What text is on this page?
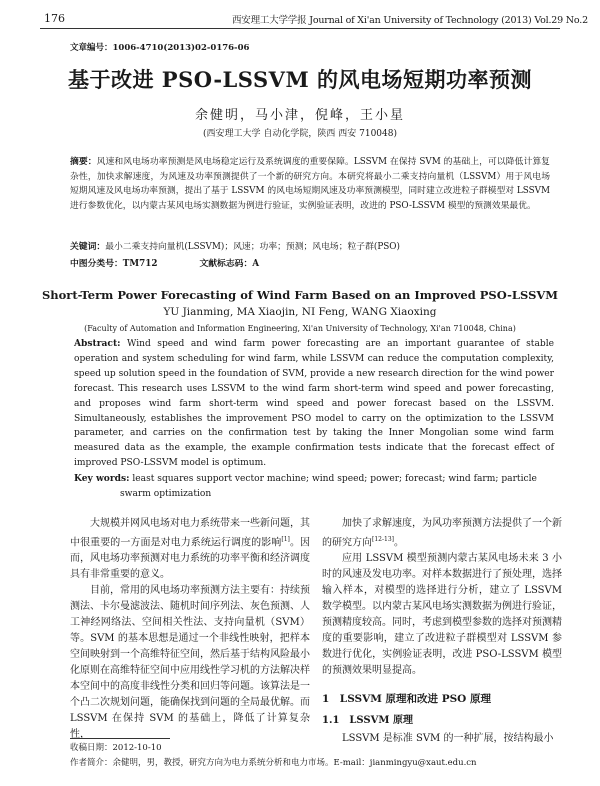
176	西安理工大学学报 Journal of Xi'an University of Technology (2013) Vol.29 No.2
文章编号：1006-4710(2013)02-0176-06
基于改进 PSO-LSSVM 的风电场短期功率预测
余健明，马小津，倪峰，王小星
(西安理工大学 自动化学院，陕西 西安 710048)
摘要：风速和风电场功率预测是风电场稳定运行及系统调度的重要保障。LSSVM 在保持 SVM 的基础上，可以降低计算复杂性，加快求解速度，为风速及功率预测提供了一个新的研究方向。本研究将最小二乘支持向量机（LSSVM）用于风电场短期风速及风电场功率预测，提出了基于 LSSVM 的风电场短期风速及功率预测模型，同时建立改进粒子群模型对 LSSVM 进行参数优化，以内蒙古某风电场实测数据为例进行验证，实例验证表明，改进的 PSO-LSSVM 模型的预测效果最优。
关键词：最小二乘支持向量机(LSSVM)；风速；功率；预测；风电场；粒子群(PSO)
中图分类号：TM712	文献标志码：A
Short-Term Power Forecasting of Wind Farm Based on an Improved PSO-LSSVM
YU Jianming, MA Xiaojin, NI Feng, WANG Xiaoxing
(Faculty of Automation and Information Engineering, Xi'an University of Technology, Xi'an 710048, China)
Abstract: Wind speed and wind farm power forecasting are an important guarantee of stable operation and system scheduling for wind farm, while LSSVM can reduce the computation complexity, speed up solution speed in the foundation of SVM, provide a new research direction for the wind power forecast. This research uses LSSVM to the wind farm short-term wind speed and power forecasting, and proposes wind farm short-term wind speed and power forecast based on the LSSVM. Simultaneously, establishes the improvement PSO model to carry on the optimization to the LSSVM parameter, and carries on the confirmation test by taking the Inner Mongolian some wind farm measured data as the example, the example confirmation tests indicate that the forecast effect of improved PSO-LSSVM model is optimum.
Key words: least squares support vector machine; wind speed; power; forecast; wind farm; particle
swarm optimization

大规模并网风电场对电力系统带来一些新问题，其中很重要的一方面是对电力系统运行调度的影响[1]。因而，风电场功率预测对电力系统的功率平衡和经济调度具有非常重要的意义。

目前，常用的风电场功率预测方法主要有：持续预测法、卡尔曼滤波法、随机时间序列法、灰色预测、人工神经网络法、空间相关性法、支持向量机（SVM）等。SVM 的基本思想是通过一个非线性映射，把样本空间映射到一个高维特征空间，然后基于结构风险最小化原则在高维特征空间中应用线性学习机的方法解决样本空间中的高度非线性分类和回归等问题。该算法是一个凸二次规划问题，能确保找到问题的全局最优解。而 LSSVM 在保持 SVM 的基础上，降低了计算复杂性，

加快了求解速度，为风功率预测方法提供了一个新的研究方向[12-13]。

应用 LSSVM 模型预测内蒙古某风电场未来 3 小时的风速及发电功率。对样本数据进行了预处理，选择输入样本，对模型的选择进行分析，建立了 LSSVM 数学模型。以内蒙古某风电场实测数据为例进行验证，预测精度较高。同时，考虑到模型参数的选择对预测精度的重要影响，建立了改进粒子群模型对 LSSVM 参数进行优化，实例验证表明，改进 PSO-LSSVM 模型的预测效果明显提高。

1　LSSVM 原理和改进 PSO 原理
1.1　LSSVM 原理

LSSVM 是标准 SVM 的一种扩展，按结构最小

收稿日期：2012-10-10
作者简介：余健明，男，教授，研究方向为电力系统分析和电力市场。E-mail：jianmingyu@xaut.edu.cn
